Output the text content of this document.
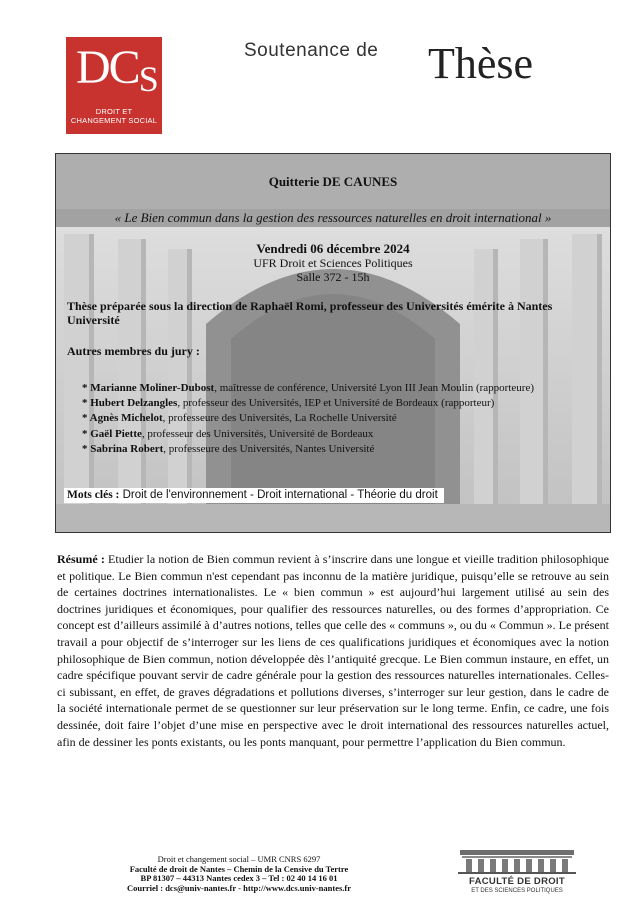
DCS
DROIT ET
CHANGEMENT SOCIAL
Soutenance de Thèse
Quitterie DE CAUNES
« Le Bien commun dans la gestion des ressources naturelles en droit international »
Vendredi 06 décembre 2024
UFR Droit et Sciences Politiques
Salle 372 - 15h
Thèse préparée sous la direction de Raphaël Romi, professeur des Universités émérite à Nantes Université
Autres membres du jury :
* Marianne Moliner-Dubost, maîtresse de conférence, Université Lyon III Jean Moulin (rapporteure)
* Hubert Delzangles, professeur des Universités, IEP et Université de Bordeaux (rapporteur)
* Agnès Michelot, professeure des Universités, La Rochelle Université
* Gaël Piette, professeur des Universités, Université de Bordeaux
* Sabrina Robert, professeure des Universités, Nantes Université
Mots clés : Droit de l'environnement - Droit international - Théorie du droit

Résumé : Etudier la notion de Bien commun revient à s’inscrire dans une longue et vieille tradition philosophique et politique. Le Bien commun n'est cependant pas inconnu de la matière juridique, puisqu’elle se retrouve au sein de certaines doctrines internationalistes. Le « bien commun » est aujourd’hui largement utilisé au sein des doctrines juridiques et économiques, pour qualifier des ressources naturelles, ou des formes d’appropriation. Ce concept est d’ailleurs assimilé à d’autres notions, telles que celle des « communs », ou du « Commun ». Le présent travail a pour objectif de s’interroger sur les liens de ces qualifications juridiques et économiques avec la notion philosophique de Bien commun, notion développée dès l’antiquité grecque. Le Bien commun instaure, en effet, un cadre spécifique pouvant servir de cadre générale pour la gestion des ressources naturelles internationales. Celles-ci subissant, en effet, de graves dégradations et pollutions diverses, s’interroger sur leur gestion, dans le cadre de la société internationale permet de se questionner sur leur préservation sur le long terme. Enfin, ce cadre, une fois dessinée, doit faire l’objet d’une mise en perspective avec le droit international des ressources naturelles actuel, afin de dessiner les ponts existants, ou les ponts manquant, pour permettre l’application du Bien commun.

Droit et changement social – UMR CNRS 6297
Faculté de droit de Nantes – Chemin de la Censive du Tertre
BP 81307 – 44313 Nantes cedex 3 – Tel : 02 40 14 16 01
Courriel : dcs@univ-nantes.fr - http://www.dcs.univ-nantes.fr
FACULTÉ DE DROIT
ET DES SCIENCES POLITIQUES
